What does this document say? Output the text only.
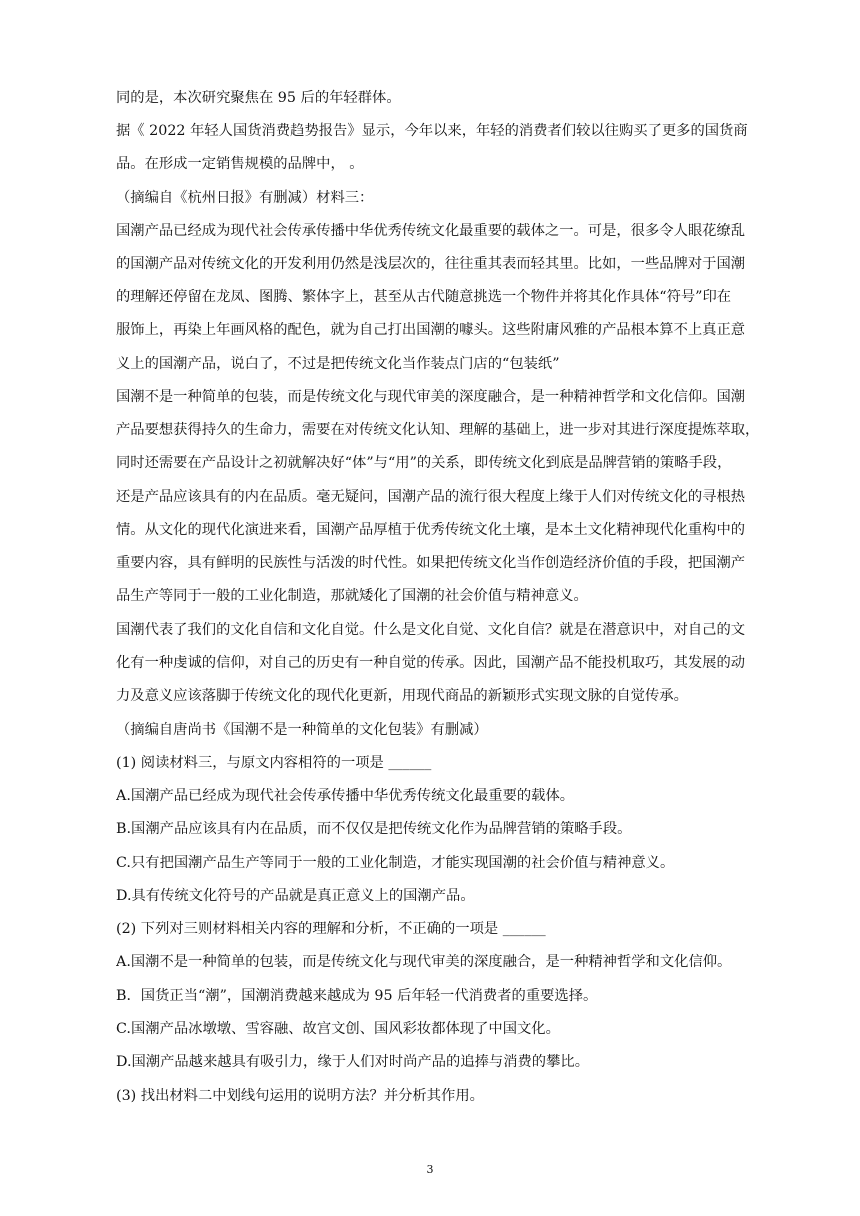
同的是，本次研究聚焦在 95 后的年轻群体。
据《 2022 年轻人国货消费趋势报告》显示，今年以来，年轻的消费者们较以往购买了更多的国货商
品。在形成一定销售规模的品牌中， 。
（摘编自《杭州日报》有删减）材料三：
国潮产品已经成为现代社会传承传播中华优秀传统文化最重要的载体之一。可是，很多令人眼花缭乱
的国潮产品对传统文化的开发利用仍然是浅层次的，往往重其表而轻其里。比如，一些品牌对于国潮
的理解还停留在龙凤、图腾、繁体字上，甚至从古代随意挑选一个物件并将其化作具体“符号”印在
服饰上，再染上年画风格的配色，就为自己打出国潮的噱头。这些附庸风雅的产品根本算不上真正意
义上的国潮产品，说白了，不过是把传统文化当作装点门店的“包装纸”
国潮不是一种简单的包装，而是传统文化与现代审美的深度融合，是一种精神哲学和文化信仰。国潮
产品要想获得持久的生命力，需要在对传统文化认知、理解的基础上，进一步对其进行深度提炼萃取，
同时还需要在产品设计之初就解决好“体”与“用”的关系，即传统文化到底是品牌营销的策略手段，
还是产品应该具有的内在品质。毫无疑问，国潮产品的流行很大程度上缘于人们对传统文化的寻根热
情。从文化的现代化演进来看，国潮产品厚植于优秀传统文化土壤，是本土文化精神现代化重构中的
重要内容，具有鲜明的民族性与活泼的时代性。如果把传统文化当作创造经济价值的手段，把国潮产
品生产等同于一般的工业化制造，那就矮化了国潮的社会价值与精神意义。
国潮代表了我们的文化自信和文化自觉。什么是文化自觉、文化自信？就是在潜意识中，对自己的文
化有一种虔诚的信仰，对自己的历史有一种自觉的传承。因此，国潮产品不能投机取巧，其发展的动
力及意义应该落脚于传统文化的现代化更新，用现代商品的新颖形式实现文脉的自觉传承。
（摘编自唐尚书《国潮不是一种简单的文化包装》有删减）
(1) 阅读材料三，与原文内容相符的一项是 ______
A.国潮产品已经成为现代社会传承传播中华优秀传统文化最重要的载体。
B.国潮产品应该具有内在品质，而不仅仅是把传统文化作为品牌营销的策略手段。
C.只有把国潮产品生产等同于一般的工业化制造，才能实现国潮的社会价值与精神意义。
D.具有传统文化符号的产品就是真正意义上的国潮产品。
(2) 下列对三则材料相关内容的理解和分析，不正确的一项是 ______
A.国潮不是一种简单的包装，而是传统文化与现代审美的深度融合，是一种精神哲学和文化信仰。
B．国货正当“潮”，国潮消费越来越成为 95 后年轻一代消费者的重要选择。
C.国潮产品冰墩墩、雪容融、故宫文创、国风彩妆都体现了中国文化。
D.国潮产品越来越具有吸引力，缘于人们对时尚产品的追捧与消费的攀比。
(3) 找出材料二中划线句运用的说明方法？并分析其作用。
3
